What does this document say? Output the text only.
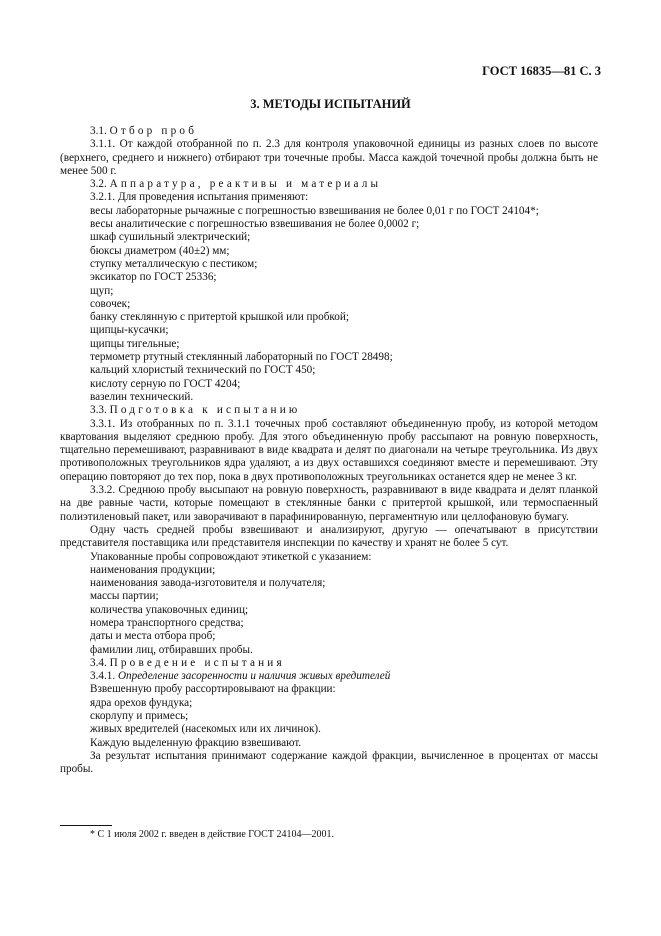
ГОСТ 16835—81 С. 3
3. МЕТОДЫ ИСПЫТАНИЙ

3.1. Отбор проб

3.1.1. От каждой отобранной по п. 2.3 для контроля упаковочной единицы из разных слоев по высоте (верхнего, среднего и нижнего) отбирают три точечные пробы. Масса каждой точечной пробы должна быть не менее 500 г.

3.2. Аппаратура, реактивы и материалы

3.2.1. Для проведения испытания применяют:

весы лабораторные рычажные с погрешностью взвешивания не более 0,01 г по ГОСТ 24104*;

весы аналитические с погрешностью взвешивания не более 0,0002 г;

шкаф сушильный электрический;

бюксы диаметром (40±2) мм;

ступку металлическую с пестиком;

эксикатор по ГОСТ 25336;

щуп;

совочек;

банку стеклянную с притертой крышкой или пробкой;

щипцы-кусачки;

щипцы тигельные;

термометр ртутный стеклянный лабораторный по ГОСТ 28498;

кальций хлористый технический по ГОСТ 450;

кислоту серную по ГОСТ 4204;

вазелин технический.

3.3. Подготовка к испытанию

3.3.1. Из отобранных по п. 3.1.1 точечных проб составляют объединенную пробу, из которой методом квартования выделяют среднюю пробу. Для этого объединенную пробу рассыпают на ровную поверхность, тщательно перемешивают, разравнивают в виде квадрата и делят по диагонали на четыре треугольника. Из двух противоположных треугольников ядра удаляют, а из двух оставшихся соединяют вместе и перемешивают. Эту операцию повторяют до тех пор, пока в двух противоположных треугольниках останется ядер не менее 3 кг.

3.3.2. Среднюю пробу высыпают на ровную поверхность, разравнивают в виде квадрата и делят планкой на две равные части, которые помещают в стеклянные банки с притертой крышкой, или термоспаенный полиэтиленовый пакет, или заворачивают в парафинированную, пергаментную или целлофановую бумагу.

Одну часть средней пробы взвешивают и анализируют, другую — опечатывают в присутствии представителя поставщика или представителя инспекции по качеству и хранят не более 5 сут.

Упакованные пробы сопровождают этикеткой с указанием:

наименования продукции;

наименования завода-изготовителя и получателя;

массы партии;

количества упаковочных единиц;

номера транспортного средства;

даты и места отбора проб;

фамилии лиц, отбиравших пробы.

3.4. Проведение испытания

3.4.1. Определение засоренности и наличия живых вредителей

Взвешенную пробу рассортировывают на фракции:

ядра орехов фундука;

скорлупу и примесь;

живых вредителей (насекомых или их личинок).

Каждую выделенную фракцию взвешивают.

За результат испытания принимают содержание каждой фракции, вычисленное в процентах от массы пробы.

* С 1 июля 2002 г. введен в действие ГОСТ 24104—2001.
